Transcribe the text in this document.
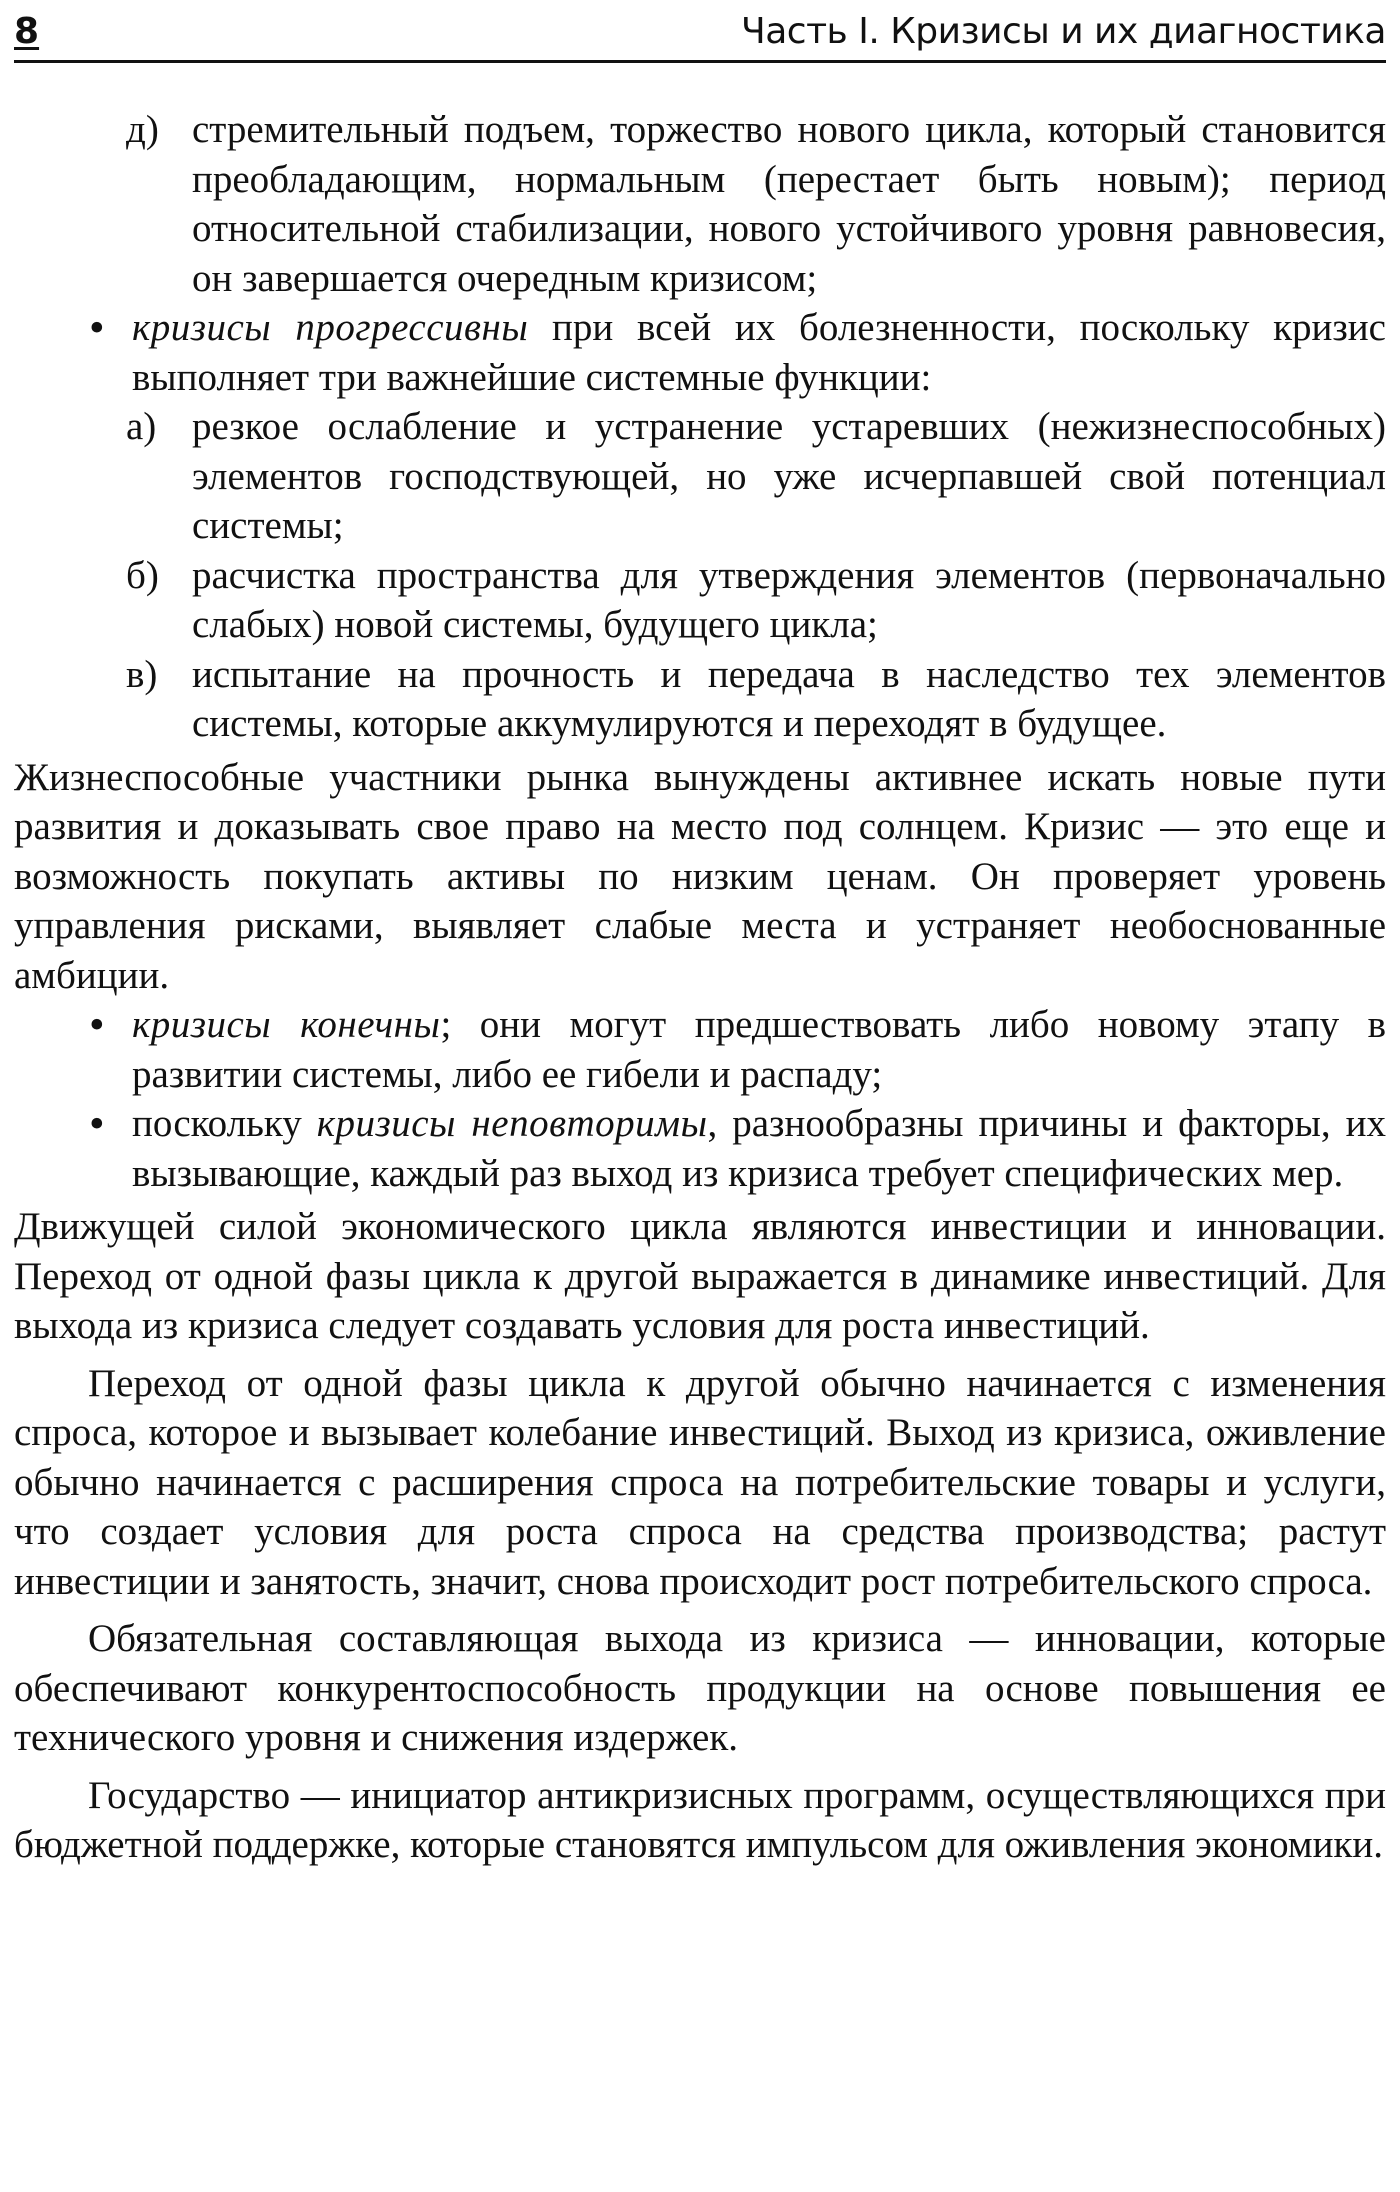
8	Часть I. Кризисы и их диагностика

д) стремительный подъем, торжество нового цикла, который становится преобладающим, нормальным (перестает быть новым); период относительной стабилизации, нового устойчивого уровня равновесия, он завершается очередным кризисом;

• кризисы прогрессивны при всей их болезненности, поскольку кризис выполняет три важнейшие системные функции:

а) резкое ослабление и устранение устаревших (нежизнеспособных) элементов господствующей, но уже исчерпавшей свой потенциал системы;

б) расчистка пространства для утверждения элементов (первоначально слабых) новой системы, будущего цикла;

в) испытание на прочность и передача в наследство тех элементов системы, которые аккумулируются и переходят в будущее.

Жизнеспособные участники рынка вынуждены активнее искать новые пути развития и доказывать свое право на место под солнцем. Кризис — это еще и возможность покупать активы по низким ценам. Он проверяет уровень управления рисками, выявляет слабые места и устраняет необоснованные амбиции.

• кризисы конечны; они могут предшествовать либо новому этапу в развитии системы, либо ее гибели и распаду;

• поскольку кризисы неповторимы, разнообразны причины и факторы, их вызывающие, каждый раз выход из кризиса требует специфических мер.

Движущей силой экономического цикла являются инвестиции и инновации. Переход от одной фазы цикла к другой выражается в динамике инвестиций. Для выхода из кризиса следует создавать условия для роста инвестиций.

Переход от одной фазы цикла к другой обычно начинается с изменения спроса, которое и вызывает колебание инвестиций. Выход из кризиса, оживление обычно начинается с расширения спроса на потребительские товары и услуги, что создает условия для роста спроса на средства производства; растут инвестиции и занятость, значит, снова происходит рост потребительского спроса.

Обязательная составляющая выхода из кризиса — инновации, которые обеспечивают конкурентоспособность продукции на основе повышения ее технического уровня и снижения издержек.

Государство — инициатор антикризисных программ, осуществляющихся при бюджетной поддержке, которые становятся импульсом для оживления экономики.
